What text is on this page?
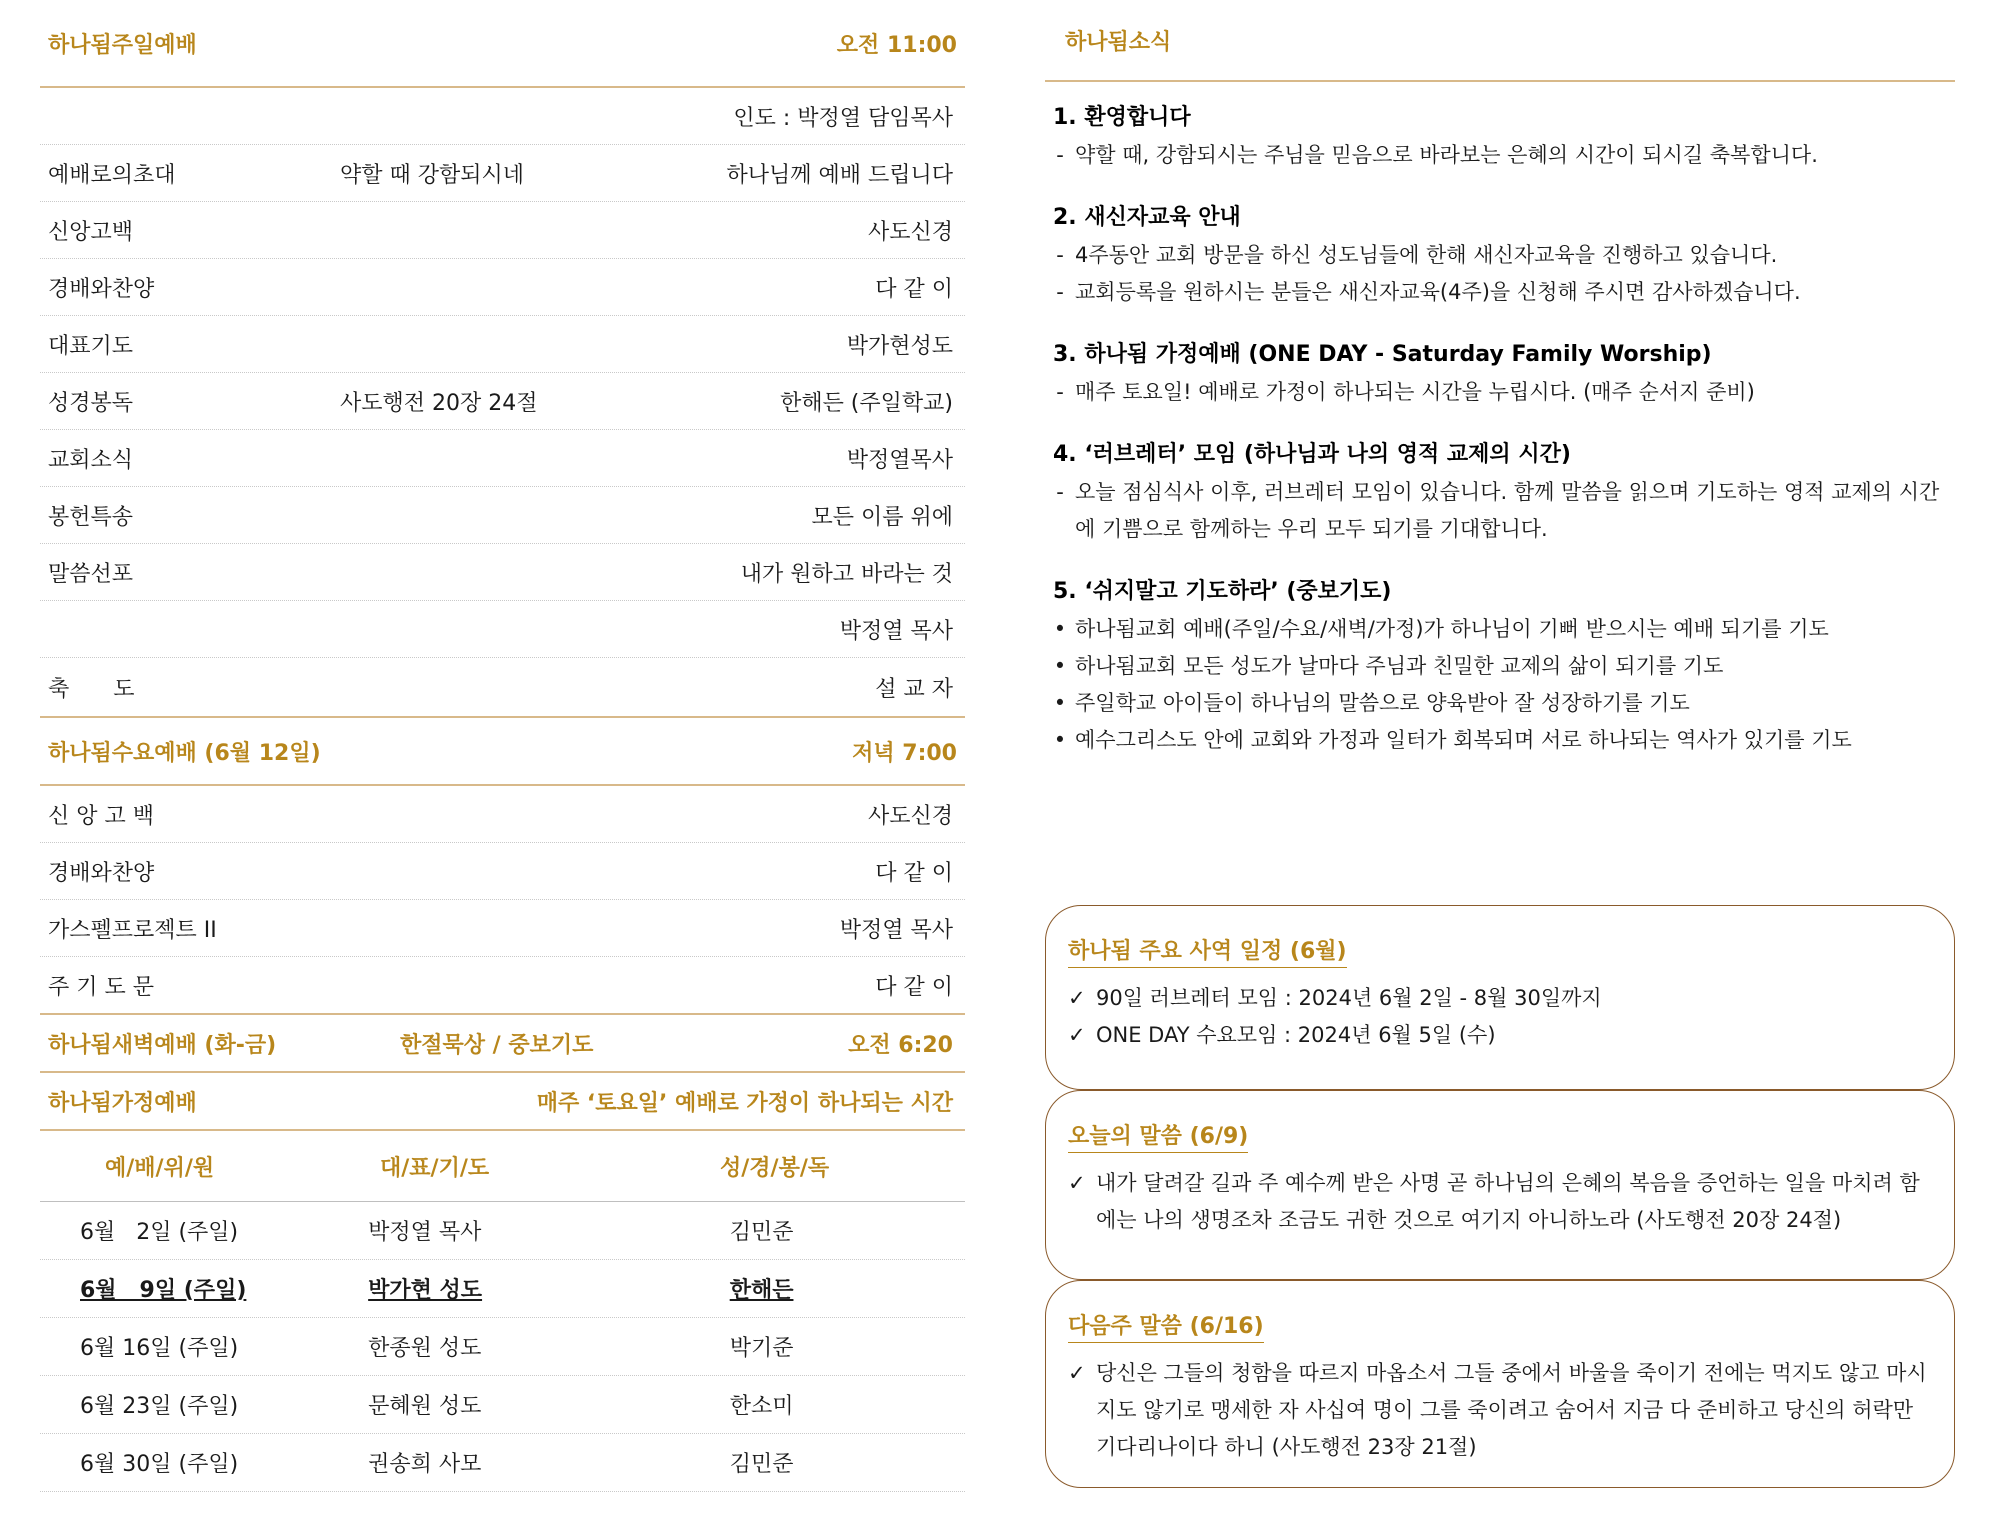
하나됨주일예배	오전 11:00
인도 : 박정열 담임목사
예배로의초대	약할 때 강함되시네	하나님께 예배 드립니다
신앙고백	사도신경
경배와찬양	다 같 이
대표기도	박가현성도
성경봉독	사도행전 20장 24절	한해든 (주일학교)
교회소식	박정열목사
봉헌특송	모든 이름 위에
말씀선포	내가 원하고 바라는 것
박정열 목사
축　　도	설 교 자
하나됨수요예배 (6월 12일)	저녁 7:00
신 앙 고 백	사도신경
경배와찬양	다 같 이
가스펠프로젝트 II	박정열 목사
주 기 도 문	다 같 이
하나됨새벽예배 (화-금)	한절묵상 / 중보기도	오전 6:20
하나됨가정예배	매주 ‘토요일’ 예배로 가정이 하나되는 시간
예/배/위/원	대/표/기/도	성/경/봉/독
6월   2일 (주일)	박정열 목사	김민준
6월   9일 (주일)	박가현 성도	한해든
6월 16일 (주일)	한종원 성도	박기준
6월 23일 (주일)	문혜원 성도	한소미
6월 30일 (주일)	권송희 사모	김민준
하나됨소식
1. 환영합니다
- 약할 때, 강함되시는 주님을 믿음으로 바라보는 은혜의 시간이 되시길 축복합니다.
2. 새신자교육 안내
- 4주동안 교회 방문을 하신 성도님들에 한해 새신자교육을 진행하고 있습니다.
- 교회등록을 원하시는 분들은 새신자교육(4주)을 신청해 주시면 감사하겠습니다.
3. 하나됨 가정예배 (ONE DAY - Saturday Family Worship)
- 매주 토요일! 예배로 가정이 하나되는 시간을 누립시다. (매주 순서지 준비)
4. ‘러브레터’ 모임 (하나님과 나의 영적 교제의 시간)
- 오늘 점심식사 이후, 러브레터 모임이 있습니다. 함께 말씀을 읽으며 기도하는 영적 교제의 시간에 기쁨으로 함께하는 우리 모두 되기를 기대합니다.
5. ‘쉬지말고 기도하라’ (중보기도)
• 하나됨교회 예배(주일/수요/새벽/가정)가 하나님이 기뻐 받으시는 예배 되기를 기도
• 하나됨교회 모든 성도가 날마다 주님과 친밀한 교제의 삶이 되기를 기도
• 주일학교 아이들이 하나님의 말씀으로 양육받아 잘 성장하기를 기도
• 예수그리스도 안에 교회와 가정과 일터가 회복되며 서로 하나되는 역사가 있기를 기도
하나됨 주요 사역 일정 (6월)
✓ 90일 러브레터 모임 : 2024년 6월 2일 - 8월 30일까지
✓ ONE DAY 수요모임 : 2024년 6월 5일 (수)
오늘의 말씀 (6/9)
✓ 내가 달려갈 길과 주 예수께 받은 사명 곧 하나님의 은혜의 복음을 증언하는 일을 마치려 함에는 나의 생명조차 조금도 귀한 것으로 여기지 아니하노라 (사도행전 20장 24절)
다음주 말씀 (6/16)
✓ 당신은 그들의 청함을 따르지 마옵소서 그들 중에서 바울을 죽이기 전에는 먹지도 않고 마시지도 않기로 맹세한 자 사십여 명이 그를 죽이려고 숨어서 지금 다 준비하고 당신의 허락만 기다리나이다 하니 (사도행전 23장 21절)
